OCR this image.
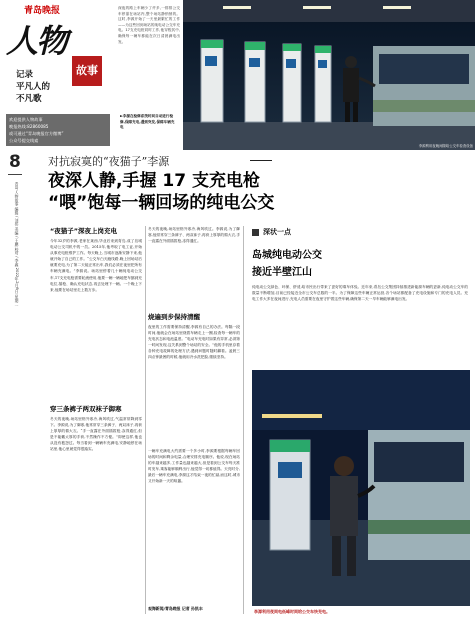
青岛晚报
人物
故事
记录
平凡人的
不凡歌
欢迎提供人物故事
晚报热线:82860085
或可通过“青岛晚报官方微博”
公众号提交线索
深夜的路上车辆少了许多,一排排公交车停靠在场站内,整个场站静悄悄的。这时,李源开始了一天里最繁忙的工作——为这些回到场站的纯电动公交车充电。17支充电桩同时工作,他穿梭其中,确保每一辆车都能在次日清晨满电出发。
►李源在检修系统时间自动进行检修,保障充电,遇到突发,保障车辆充电
李源利用夜晚间隙给公交车检查设备
8 对抗寂寞的“夜猫子”李源
夜深人静,手握 17 支充电枪
“喂”饱每一辆回场的纯电公交
青岛·人物故事 编辑 / 刘伟 美编 / 王鹏 校对 / 李鑫 2022年2月8日 星期二
“夜猫子”深夜上岗充电
今年32岁的李源,老家在莱西,毕业后来到青岛,成了岛城电动公交司机中的一员。2015年,他考取了电工证,开始从事充电桩维护工作。每天晚上,当城市逐渐安静下来,他就开始了自己的工作。“公交车白天跑线路,晚上回场站后就要充电,为了第二天能正常出车,我们必须在夜里把所有车辆充满电。”李源说。场站里停着几十辆纯电动公交车,17支充电枪需要轮流使用,他要一辆一辆地把车挪到充电位,插枪、确认充电状态,再去处理下一辆。一个晚上下来,他要在场站里走上数万步。
穿三条裤子两双袜子御寒
冬天的夜晚,场站里格外寒冷,海风吹过,气温常常降到零下。李源说,为了御寒,他常常穿三条裤子、两双袜子,再套上厚厚的棉大衣。“手一直露在外面插拔枪,冻得通红,但是不能戴太厚的手套,不然操作不方便。”即使这样,他也从没有抱怨过。每当看到一辆辆车充满电,安静地停在场站里,他心里就觉得很踏实。
冬天的夜晚,场站里格外寒冷,海风吹过。李源说,为了御寒,他常常穿三条裤子、两双袜子,再套上厚厚的棉大衣,手一直露在外面插拔枪,冻得通红。
烧遍到步保持清醒
夜里的工作需要保持清醒,李源有自己的办法。每隔一段时间,他就会在场站里绕着车辆走上一圈,检查每一辆车的充电状态和电池温度。“电动车充电时如果有异常,必须第一时间发现,这关系到整个场站的安全。”他的手机里存着各种充电故障的处理方法,遇到问题时随时翻看。凌晨三四点钟最困的时候,他就用冷水洗把脸,继续坚持。
一辆车充满电大约需要一个多小时,李源要根据每辆车回场的时间和剩余电量,合理安排充电顺序。他说,现在场站的车越来越多,工作量也越来越大,但是看到公交车每天准时发车,乘客能够顺利出行,他觉得一切都值得。天亮时分,最后一辆车充满电,李源这才结束一夜的忙碌,而这时,城市又开始新一天的喧嚣。
观海新闻/青岛晚报 记者 孙凯丰
深状一点
岛城纯电动公交
接近半壁江山
纯电动公交绿色、环保、舒适,给市民出行带来了更好的乘车体验。近年来,青岛公交集团持续推进新能源车辆的更新,纯电动公交车的数量不断增加,目前已经接近全市公交车总数的一半。为了保障这些车辆正常运营,各个场站都配备了充电设施和专门的充电人员。充电工作大多在夜间进行,充电人员需要在夜里守护着这些车辆,确保第二天一早车辆能够满电出发。
李源利用夜间电低峰时间给公交车快充电。
